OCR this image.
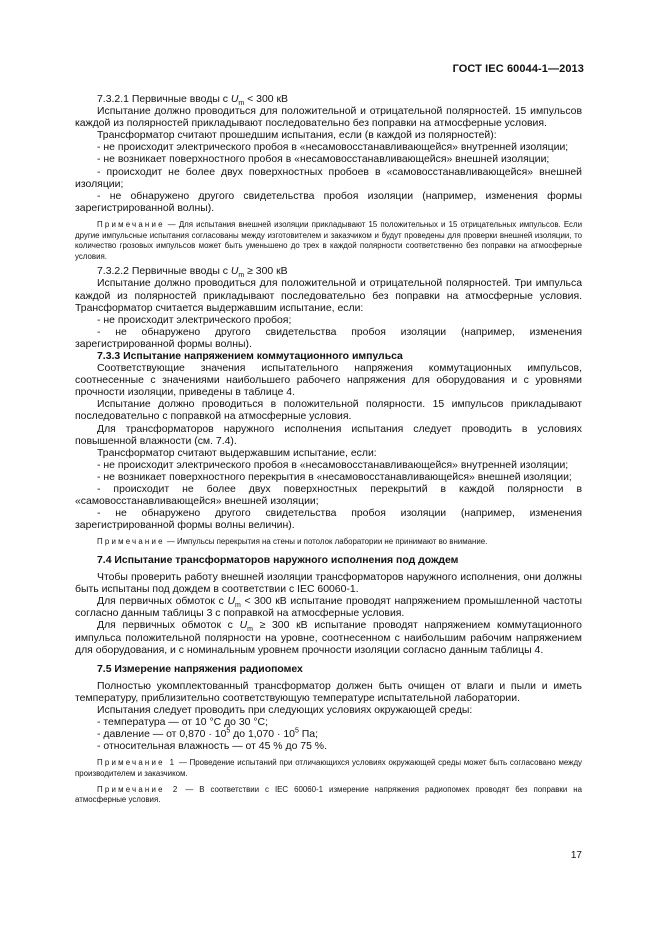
ГОСТ IEC 60044-1—2013

7.3.2.1 Первичные вводы с $U_m < 300$ кВ

Испытание должно проводиться для положительной и отрицательной полярностей. 15 импульсов каждой из полярностей прикладывают последовательно без поправки на атмосферные условия.

Трансформатор считают прошедшим испытания, если (в каждой из полярностей):

- не происходит электрического пробоя в «несамовосстанавливающейся» внутренней изоляции;

- не возникает поверхностного пробоя в «несамовосстанавливающейся» внешней изоляции;

- происходит не более двух поверхностных пробоев в «самовосстанавливающейся» внешней изоляции;

- не обнаружено другого свидетельства пробоя изоляции (например, изменения формы зарегистрированной волны).

Примечание — Для испытания внешней изоляции прикладывают 15 положительных и 15 отрицательных импульсов. Если другие импульсные испытания согласованы между изготовителем и заказчиком и будут проведены для проверки внешней изоляции, то количество грозовых импульсов может быть уменьшено до трех в каждой полярности соответственно без поправки на атмосферные условия.

7.3.2.2 Первичные вводы с $U_m \ge 300$ кВ

Испытание должно проводиться для положительной и отрицательной полярностей. Три импульса каждой из полярностей прикладывают последовательно без поправки на атмосферные условия. Трансформатор считается выдержавшим испытание, если:

- не происходит электрического пробоя;

- не обнаружено другого свидетельства пробоя изоляции (например, изменения зарегистрированной формы волны).

7.3.3 Испытание напряжением коммутационного импульса

Соответствующие значения испытательного напряжения коммутационных импульсов, соотнесенные с значениями наибольшего рабочего напряжения для оборудования и с уровнями прочности изоляции, приведены в таблице 4.

Испытание должно проводиться в положительной полярности. 15 импульсов прикладывают последовательно с поправкой на атмосферные условия.

Для трансформаторов наружного исполнения испытания следует проводить в условиях повышенной влажности (см. 7.4).

Трансформатор считают выдержавшим испытание, если:

- не происходит электрического пробоя в «несамовосстанавливающейся» внутренней изоляции;

- не возникает поверхностного перекрытия в «несамовосстанавливающейся» внешней изоляции;

- происходит не более двух поверхностных перекрытий в каждой полярности в «самовосстанавливающейся» внешней изоляции;

- не обнаружено другого свидетельства пробоя изоляции (например, изменения зарегистрированной формы волны величин).

Примечание — Импульсы перекрытия на стены и потолок лаборатории не принимают во внимание.

7.4 Испытание трансформаторов наружного исполнения под дождем

Чтобы проверить работу внешней изоляции трансформаторов наружного исполнения, они должны быть испытаны под дождем в соответствии с IEC 60060-1.

Для первичных обмоток с $U_m < 300$ кВ испытание проводят напряжением промышленной частоты согласно данным таблицы 3 с поправкой на атмосферные условия.

Для первичных обмоток с $U_m \ge 300$ кВ испытание проводят напряжением коммутационного импульса положительной полярности на уровне, соотнесенном с наибольшим рабочим напряжением для оборудования, и с номинальным уровнем прочности изоляции согласно данным таблицы 4.

7.5 Измерение напряжения радиопомех

Полностью укомплектованный трансформатор должен быть очищен от влаги и пыли и иметь температуру, приблизительно соответствующую температуре испытательной лаборатории.

Испытания следует проводить при следующих условиях окружающей среды:

- температура — от 10 °C до 30 °C;

- давление — от $0,870 \cdot 10^5$ до $1,070 \cdot 10^5$ Па;

- относительная влажность — от 45 % до 75 %.

Примечание 1 — Проведение испытаний при отличающихся условиях окружающей среды может быть согласовано между производителем и заказчиком.

Примечание 2 — В соответствии с IEC 60060-1 измерение напряжения радиопомех проводят без поправки на атмосферные условия.

17
